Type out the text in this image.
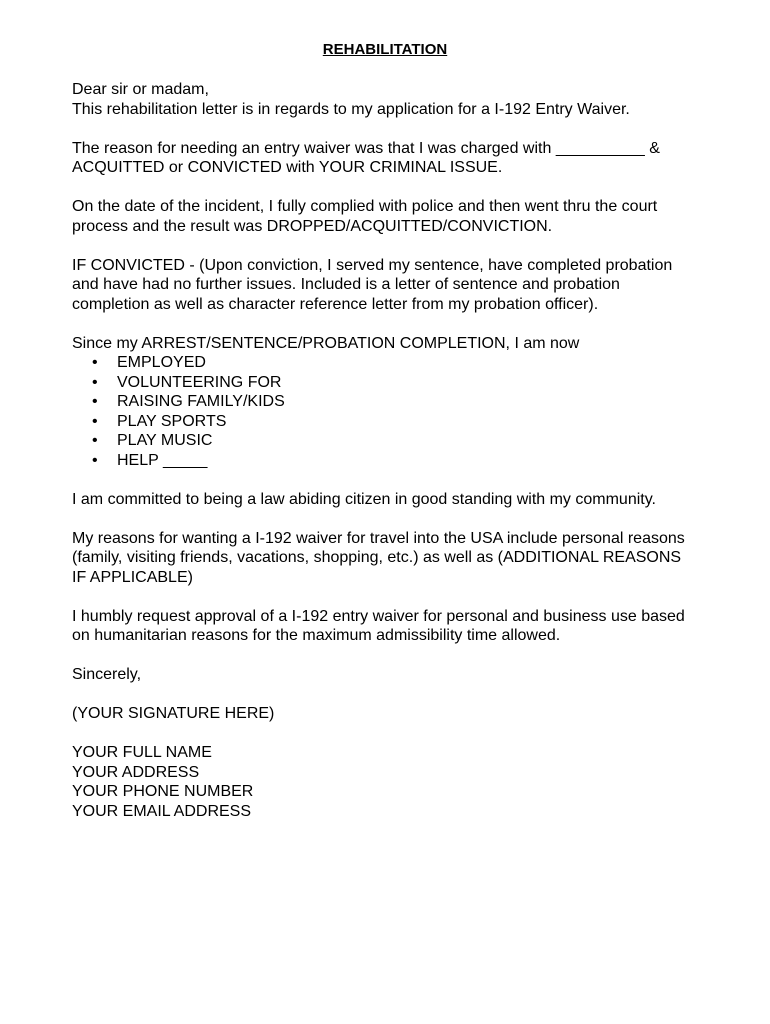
REHABILITATION

Dear sir or madam,
This rehabilitation letter is in regards to my application for a I-192 Entry Waiver.

The reason for needing an entry waiver was that I was charged with __________ &
ACQUITTED or CONVICTED with YOUR CRIMINAL ISSUE.

On the date of the incident, I fully complied with police and then went thru the court
process and the result was DROPPED/ACQUITTED/CONVICTION.

IF CONVICTED - (Upon conviction, I served my sentence, have completed probation
and have had no further issues. Included is a letter of sentence and probation
completion as well as character reference letter from my probation officer).

Since my ARREST/SENTENCE/PROBATION COMPLETION, I am now
• EMPLOYED
• VOLUNTEERING FOR
• RAISING FAMILY/KIDS
• PLAY SPORTS
• PLAY MUSIC
• HELP _____

I am committed to being a law abiding citizen in good standing with my community.

My reasons for wanting a I-192 waiver for travel into the USA include personal reasons
(family, visiting friends, vacations, shopping, etc.) as well as (ADDITIONAL REASONS
IF APPLICABLE)

I humbly request approval of a I-192 entry waiver for personal and business use based
on humanitarian reasons for the maximum admissibility time allowed.

Sincerely,

(YOUR SIGNATURE HERE)

YOUR FULL NAME
YOUR ADDRESS
YOUR PHONE NUMBER
YOUR EMAIL ADDRESS
